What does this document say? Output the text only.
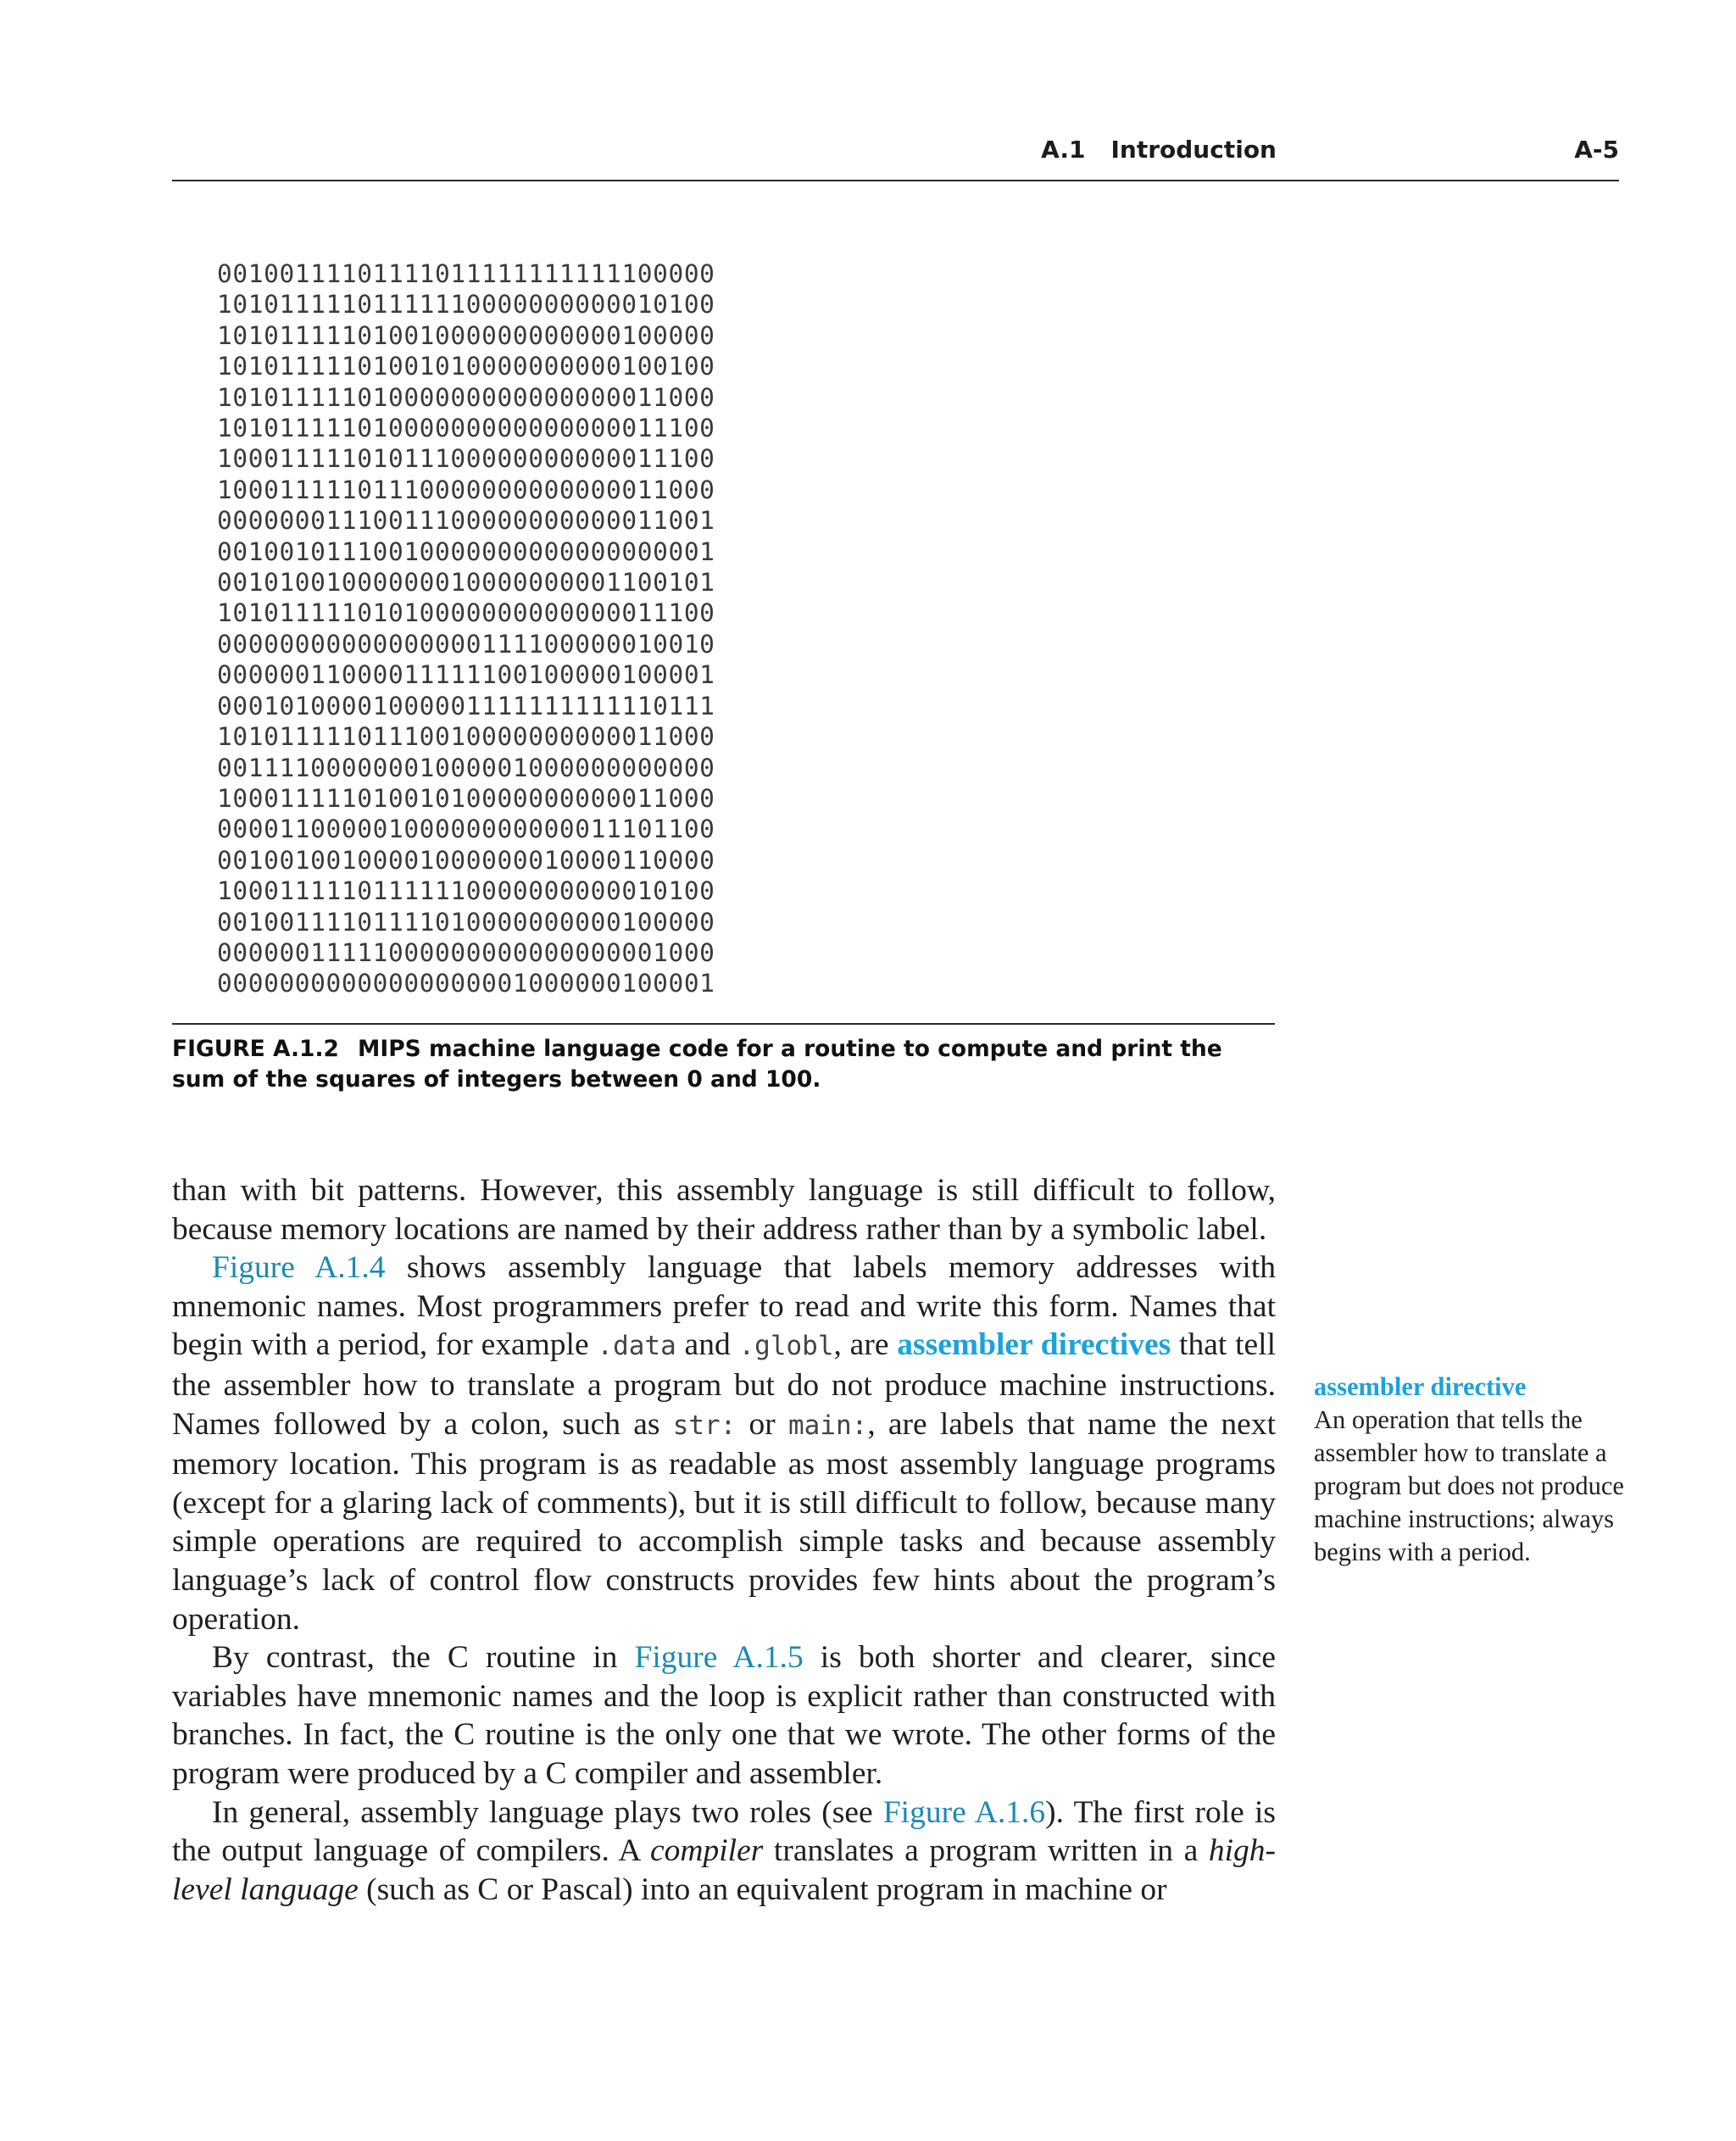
A.1 Introduction	A-5
00100111101111011111111111100000
10101111101111110000000000010100
10101111101001000000000000100000
10101111101001010000000000100100
10101111101000000000000000011000
10101111101000000000000000011100
10001111101011100000000000011100
10001111101110000000000000011000
00000001110011100000000000011001
00100101110010000000000000000001
00101001000000010000000001100101
10101111101010000000000000011100
00000000000000000111100000010010
00000011000011111100100000100001
00010100001000001111111111110111
10101111101110010000000000011000
00111100000001000001000000000000
10001111101001010000000000011000
00001100000100000000000011101100
00100100100001000000010000110000
10001111101111110000000000010100
00100111101111010000000000100000
00000011111000000000000000001000
00000000000000000001000000100001
FIGURE A.1.2 MIPS machine language code for a routine to compute and print the sum of the squares of integers between 0 and 100.

than with bit patterns. However, this assembly language is still difficult to follow, because memory locations are named by their address rather than by a symbolic label.

Figure A.1.4 shows assembly language that labels memory addresses with mnemonic names. Most programmers prefer to read and write this form. Names that begin with a period, for example .data and .globl, are assembler directives that tell the assembler how to translate a program but do not produce machine instructions. Names followed by a colon, such as str: or main:, are labels that name the next memory location. This program is as readable as most assembly language programs (except for a glaring lack of comments), but it is still difficult to follow, because many simple operations are required to accomplish simple tasks and because assembly language’s lack of control flow constructs provides few hints about the program’s operation.

By contrast, the C routine in Figure A.1.5 is both shorter and clearer, since variables have mnemonic names and the loop is explicit rather than constructed with branches. In fact, the C routine is the only one that we wrote. The other forms of the program were produced by a C compiler and assembler.

In general, assembly language plays two roles (see Figure A.1.6). The first role is the output language of compilers. A compiler translates a program written in a high-level language (such as C or Pascal) into an equivalent program in machine or

assembler directive
An operation that tells the assembler how to translate a program but does not produce machine instructions; always begins with a period.
